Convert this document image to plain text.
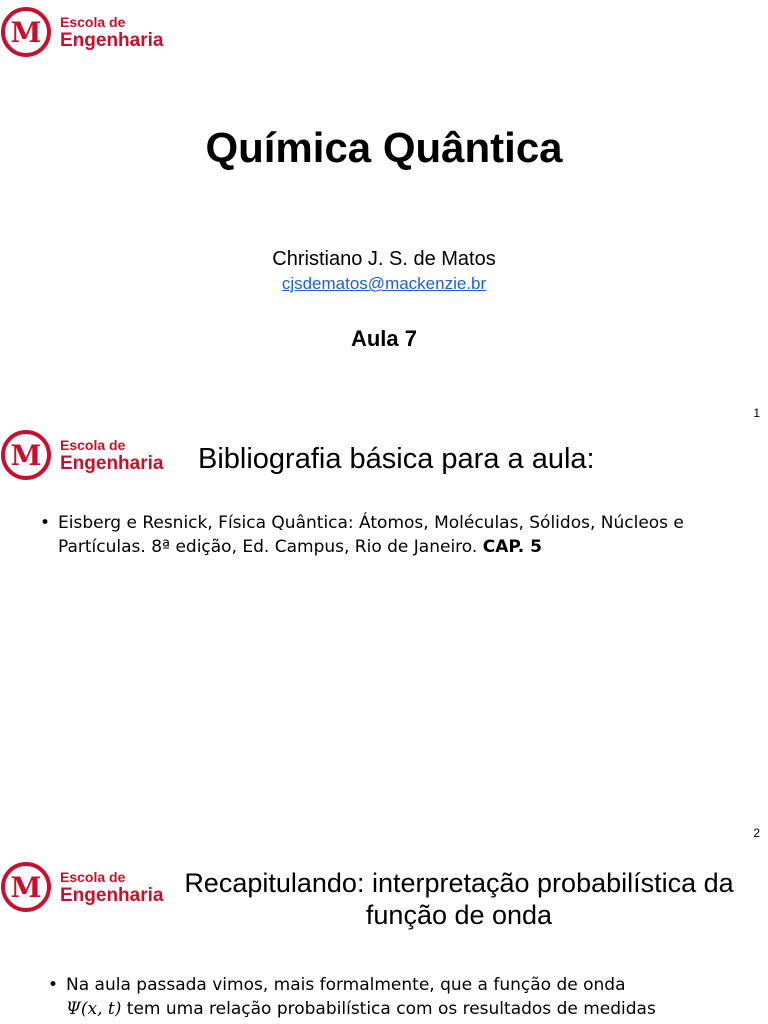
M Escola de
Engenharia
Química Quântica
Christiano J. S. de Matos
cjsdematos@mackenzie.br
Aula 7
1
M Escola de
Engenharia Bibliografia básica para a aula:
• Eisberg e Resnick, Física Quântica: Átomos, Moléculas, Sólidos, Núcleos e Partículas. 8ª edição, Ed. Campus, Rio de Janeiro. CAP. 5
2
M Escola de
Engenharia Recapitulando: interpretação probabilística da função de onda
• Na aula passada vimos, mais formalmente, que a função de onda
Ψ(x, t) tem uma relação probabilística com os resultados de medidas
